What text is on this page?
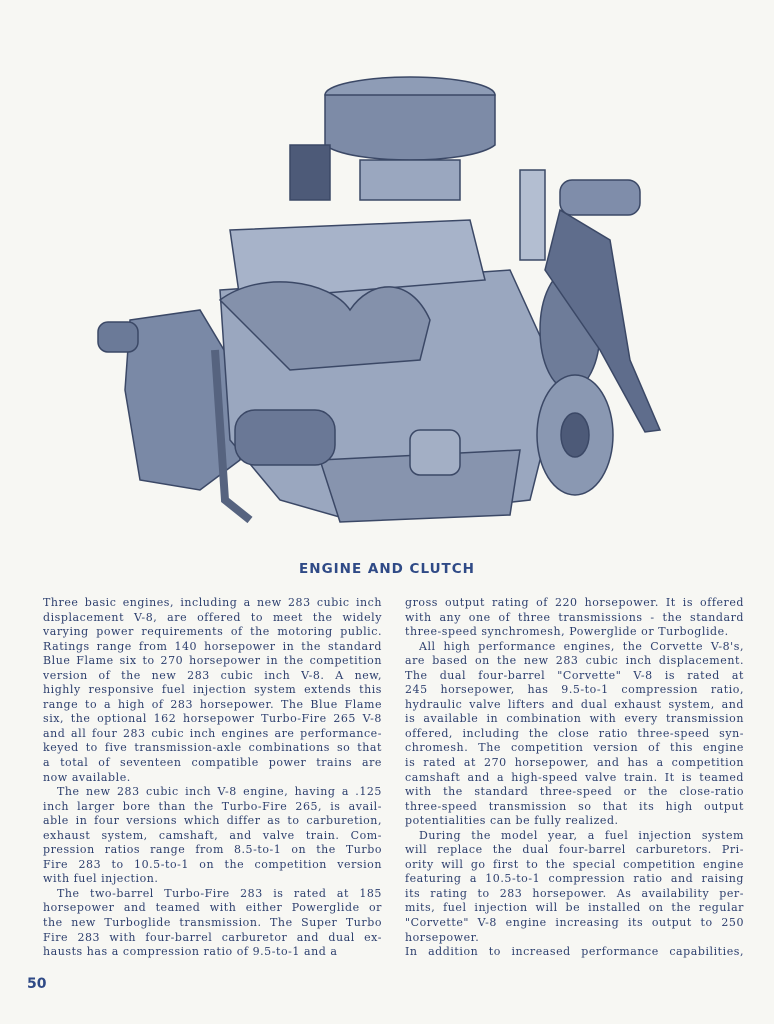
ENGINE AND CLUTCH
Three basic engines, including a new 283 cubic inch
displacement V-8, are offered to meet the widely
varying power requirements of the motoring public.
Ratings range from 140 horsepower in the standard
Blue Flame six to 270 horsepower in the competition
version of the new 283 cubic inch V-8. A new,
highly responsive fuel injection system extends this
range to a high of 283 horsepower. The Blue Flame
six, the optional 162 horsepower Turbo-Fire 265 V-8
and all four 283 cubic inch engines are performance-
keyed to five transmission-axle combinations so that
a total of seventeen compatible power trains are
now available.
The new 283 cubic inch V-8 engine, having a .125
inch larger bore than the Turbo-Fire 265, is avail-
able in four versions which differ as to carburetion,
exhaust system, camshaft, and valve train. Com-
pression ratios range from 8.5-to-1 on the Turbo
Fire 283 to 10.5-to-1 on the competition version
with fuel injection.
The two-barrel Turbo-Fire 283 is rated at 185
horsepower and teamed with either Powerglide or
the new Turboglide transmission. The Super Turbo
Fire 283 with four-barrel carburetor and dual ex-
hausts has a compression ratio of 9.5-to-1 and a
gross output rating of 220 horsepower. It is offered
with any one of three transmissions - the standard
three-speed synchromesh, Powerglide or Turboglide.
All high performance engines, the Corvette V-8's,
are based on the new 283 cubic inch displacement.
The dual four-barrel "Corvette" V-8 is rated at
245 horsepower, has 9.5-to-1 compression ratio,
hydraulic valve lifters and dual exhaust system, and
is available in combination with every transmission
offered, including the close ratio three-speed syn-
chromesh. The competition version of this engine
is rated at 270 horsepower, and has a competition
camshaft and a high-speed valve train. It is teamed
with the standard three-speed or the close-ratio
three-speed transmission so that its high output
potentialities can be fully realized.
During the model year, a fuel injection system
will replace the dual four-barrel carburetors. Pri-
ority will go first to the special competition engine
featuring a 10.5-to-1 compression ratio and raising
its rating to 283 horsepower. As availability per-
mits, fuel injection will be installed on the regular
"Corvette" V-8 engine increasing its output to 250
horsepower.
In addition to increased performance capabilities,
50
